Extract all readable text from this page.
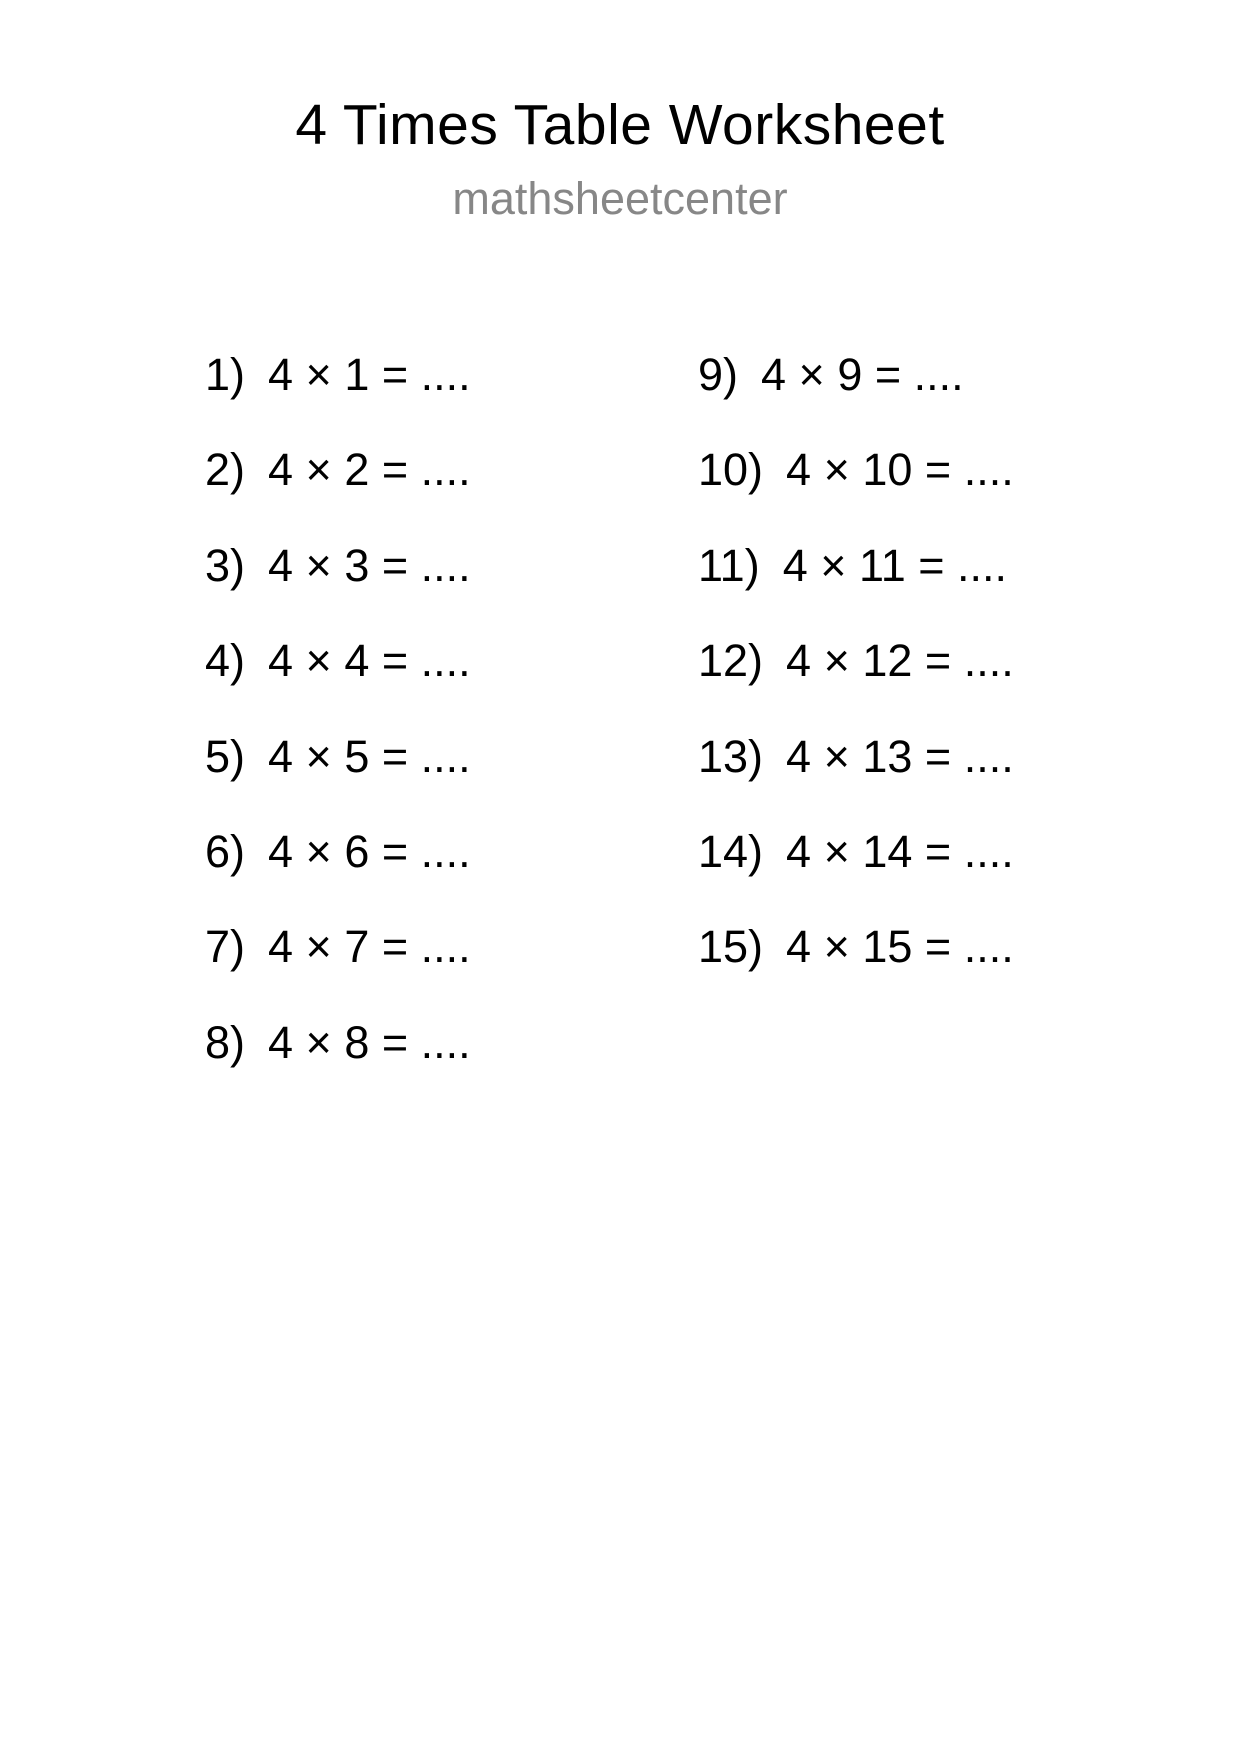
4 Times Table Worksheet
mathsheetcenter
1) 4 × 1 = ....
2) 4 × 2 = ....
3) 4 × 3 = ....
4) 4 × 4 = ....
5) 4 × 5 = ....
6) 4 × 6 = ....
7) 4 × 7 = ....
8) 4 × 8 = ....
9) 4 × 9 = ....
10) 4 × 10 = ....
11) 4 × 11 = ....
12) 4 × 12 = ....
13) 4 × 13 = ....
14) 4 × 14 = ....
15) 4 × 15 = ....
